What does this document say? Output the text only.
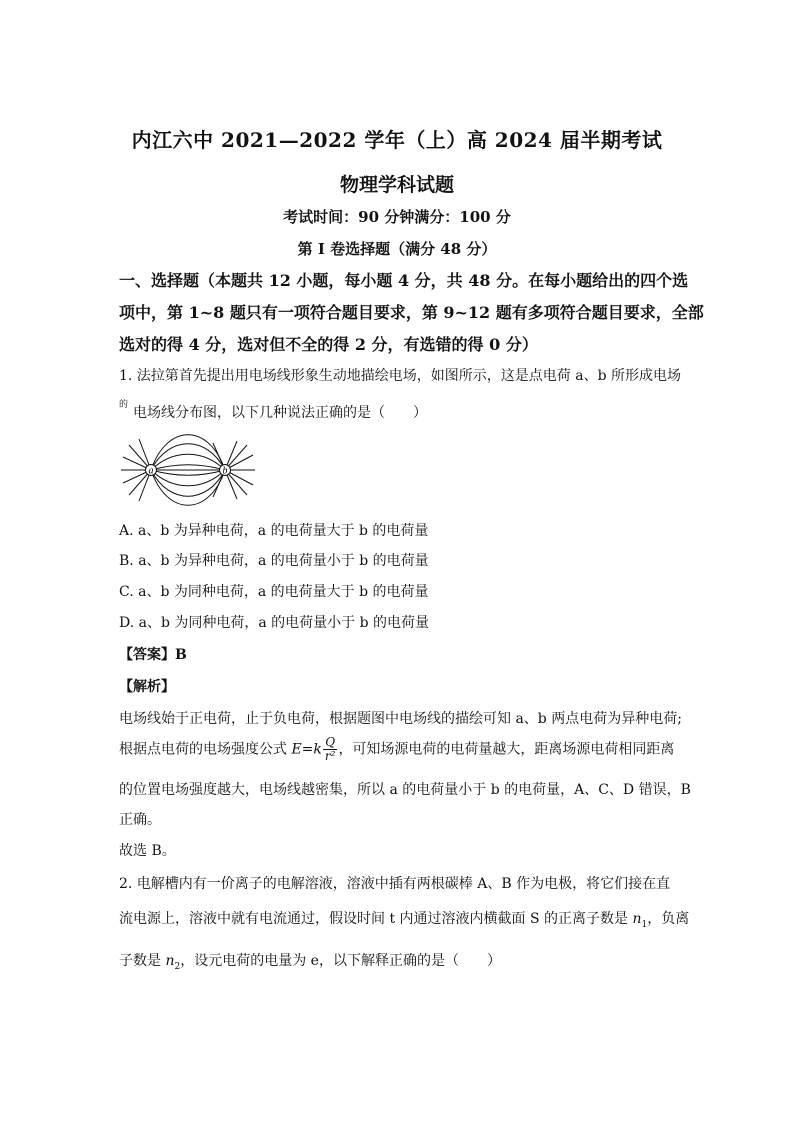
内江六中 2021—2022 学年（上）高 2024 届半期考试
物理学科试题
考试时间：90 分钟满分：100 分
第 I 卷选择题（满分 48 分）
一、选择题（本题共 12 小题，每小题 4 分，共 48 分。在每小题给出的四个选
项中，第 1~8 题只有一项符合题目要求，第 9~12 题有多项符合题目要求，全部
选对的得 4 分，选对但不全的得 2 分，有选错的得 0 分）
1. 法拉第首先提出用电场线形象生动地描绘电场，如图所示，这是点电荷 a、b 所形成电场
的 电场线分布图，以下几种说法正确的是（　　）
a	b
A. a、b 为异种电荷，a 的电荷量大于 b 的电荷量
B. a、b 为异种电荷，a 的电荷量小于 b 的电荷量
C. a、b 为同种电荷，a 的电荷量大于 b 的电荷量
D. a、b 为同种电荷，a 的电荷量小于 b 的电荷量
【答案】B
【解析】
电场线始于正电荷，止于负电荷，根据题图中电场线的描绘可知 a、b 两点电荷为异种电荷;
根据点电荷的电场强度公式 $E=k \frac{Q}{\text{r²}}$ ，可知场源电荷的电荷量越大，距离场源电荷相同距离
的位置电场强度越大，电场线越密集，所以 a 的电荷量小于 b 的电荷量，A、C、D 错误，B
正确。
故选 B。
2. 电解槽内有一价离子的电解溶液，溶液中插有两根碳棒 A、B 作为电极，将它们接在直
流电源上，溶液中就有电流通过，假设时间 t 内通过溶液内横截面 S 的正离子数是 $n_1$，负离
子数是 $n_2$，设元电荷的电量为 e，以下解释正确的是（　　）
